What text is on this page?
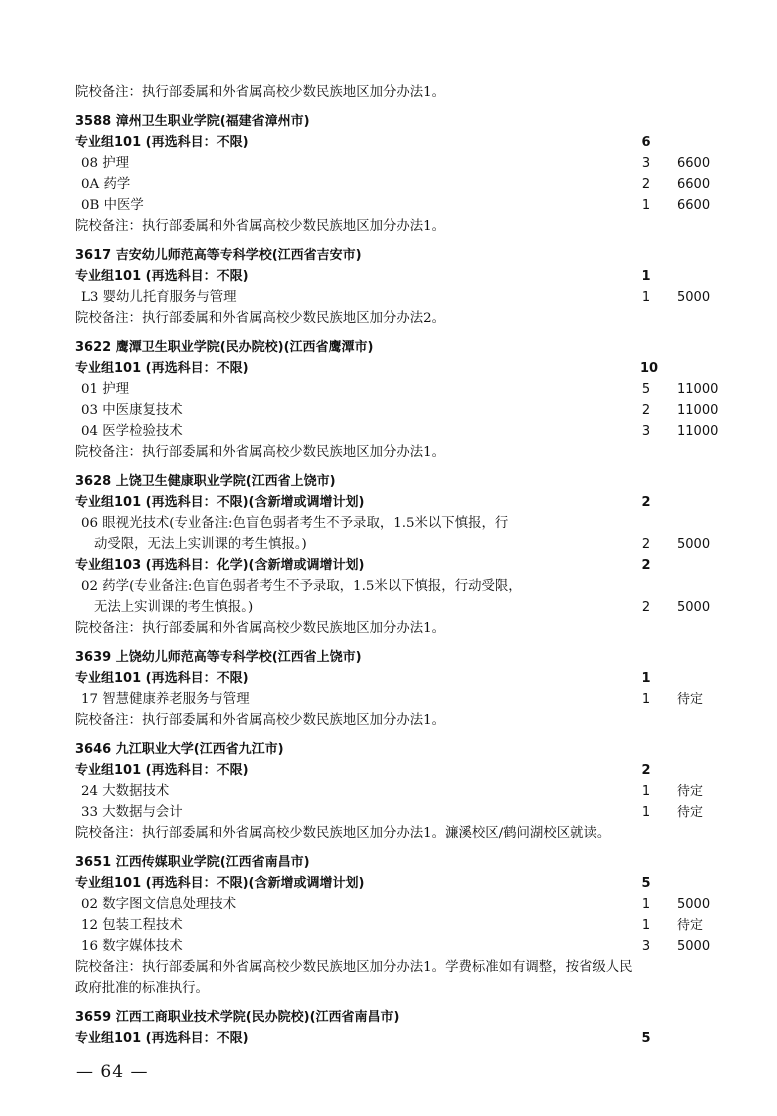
院校备注：执行部委属和外省属高校少数民族地区加分办法1。
3588 漳州卫生职业学院(福建省漳州市)
专业组101 (再选科目：不限)	6
08 护理	3 6600
0A 药学	2 6600
0B 中医学	1 6600
院校备注：执行部委属和外省属高校少数民族地区加分办法1。
3617 吉安幼儿师范高等专科学校(江西省吉安市)
专业组101 (再选科目：不限)	1
L3 婴幼儿托育服务与管理	1 5000
院校备注：执行部委属和外省属高校少数民族地区加分办法2。
3622 鹰潭卫生职业学院(民办院校)(江西省鹰潭市)
专业组101 (再选科目：不限)	10
01 护理	5 11000
03 中医康复技术	2 11000
04 医学检验技术	3 11000
院校备注：执行部委属和外省属高校少数民族地区加分办法1。
3628 上饶卫生健康职业学院(江西省上饶市)
专业组101 (再选科目：不限)(含新增或调增计划)	2
06 眼视光技术(专业备注:色盲色弱者考生不予录取，1.5米以下慎报，行
动受限，无法上实训课的考生慎报。)	2 5000
专业组103 (再选科目：化学)(含新增或调增计划)	2
02 药学(专业备注:色盲色弱者考生不予录取，1.5米以下慎报，行动受限，
无法上实训课的考生慎报。)	2 5000
院校备注：执行部委属和外省属高校少数民族地区加分办法1。
3639 上饶幼儿师范高等专科学校(江西省上饶市)
专业组101 (再选科目：不限)	1
17 智慧健康养老服务与管理	1 待定
院校备注：执行部委属和外省属高校少数民族地区加分办法1。
3646 九江职业大学(江西省九江市)
专业组101 (再选科目：不限)	2
24 大数据技术	1 待定
33 大数据与会计	1 待定
院校备注：执行部委属和外省属高校少数民族地区加分办法1。濂溪校区/鹤问湖校区就读。
3651 江西传媒职业学院(江西省南昌市)
专业组101 (再选科目：不限)(含新增或调增计划)	5
02 数字图文信息处理技术	1 5000
12 包装工程技术	1 待定
16 数字媒体技术	3 5000
院校备注：执行部委属和外省属高校少数民族地区加分办法1。学费标准如有调整，按省级人民
政府批准的标准执行。
3659 江西工商职业技术学院(民办院校)(江西省南昌市)
专业组101 (再选科目：不限)	5
— 64 —
